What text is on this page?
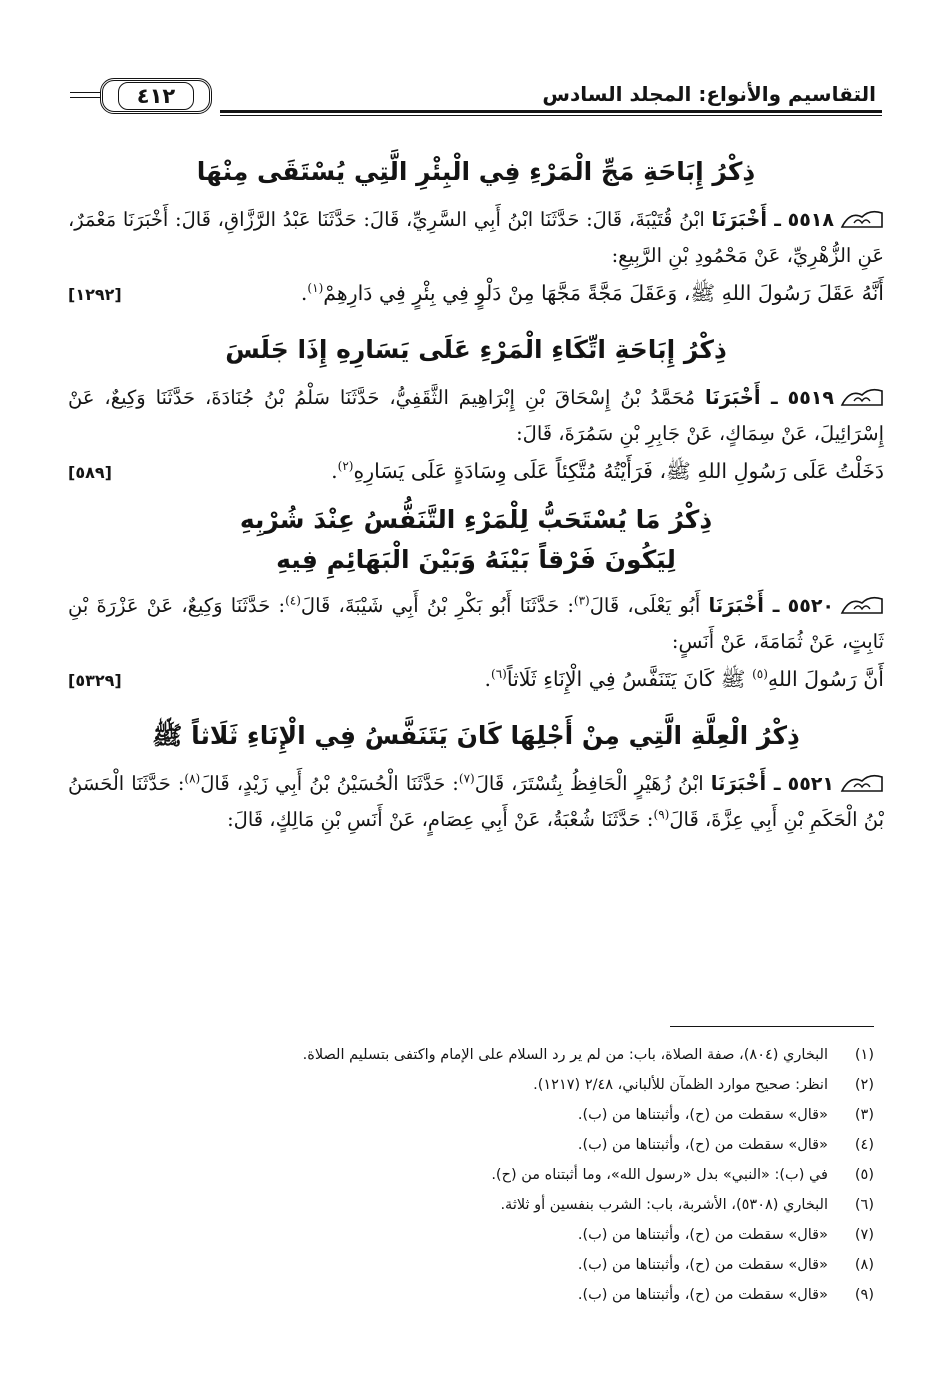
التقاسيم والأنواع: المجلد السادس
٤١٢
ذِكْرُ إِبَاحَةِ مَجِّ الْمَرْءِ فِي الْبِئْرِ الَّتِي يُسْتَقَى مِنْهَا

٥٥١٨ ـ أَخْبَرَنَا ابْنُ قُتَيْبَةَ، قَالَ: حَدَّثَنَا ابْنُ أَبِي السَّرِيِّ، قَالَ: حَدَّثَنَا عَبْدُ الرَّزَّاقِ، قَالَ: أَخْبَرَنَا مَعْمَرٌ، عَنِ الزُّهْرِيِّ، عَنْ مَحْمُودِ بْنِ الرَّبِيعِ:

أَنَّهُ عَقَلَ رَسُولَ اللهِ ﷺ، وَعَقَلَ مَجَّةً مَجَّهَا مِنْ دَلْوٍ فِي بِئْرٍ فِي دَارِهِمْ$^{(١)}$.
[١٢٩٢]
ذِكْرُ إِبَاحَةِ اتِّكَاءِ الْمَرْءِ عَلَى يَسَارِهِ إِذَا جَلَسَ

٥٥١٩ ـ أَخْبَرَنَا مُحَمَّدُ بْنُ إِسْحَاقَ بْنِ إِبْرَاهِيمَ الثَّقَفِيُّ، حَدَّثَنَا سَلْمُ بْنُ جُنَادَةَ، حَدَّثَنَا وَكِيعٌ، عَنْ إِسْرَائِيلَ، عَنْ سِمَاكٍ، عَنْ جَابِرِ بْنِ سَمُرَةَ، قَالَ:

دَخَلْتُ عَلَى رَسُولِ اللهِ ﷺ، فَرَأَيْتُهُ مُتَّكِئاً عَلَى وِسَادَةٍ عَلَى يَسَارِهِ$^{(٢)}$.
[٥٨٩]
ذِكْرُ مَا يُسْتَحَبُّ لِلْمَرْءِ التَّنَفُّسُ عِنْدَ شُرْبِهِ
لِيَكُونَ فَرْقاً بَيْنَهُ وَبَيْنَ الْبَهَائِمِ فِيهِ

٥٥٢٠ ـ أَخْبَرَنَا أَبُو يَعْلَى، قَالَ$^{(٣)}$: حَدَّثَنَا أَبُو بَكْرِ بْنُ أَبِي شَيْبَةَ، قَالَ$^{(٤)}$: حَدَّثَنَا وَكِيعٌ، عَنْ عَزْرَةَ بْنِ ثَابِتٍ، عَنْ ثُمَامَةَ، عَنْ أَنَسٍ:

أَنَّ رَسُولَ اللهِ$^{(٥)}$ ﷺ كَانَ يَتَنَفَّسُ فِي الْإِنَاءِ ثَلَاثاً$^{(٦)}$.
[٥٣٢٩]
ذِكْرُ الْعِلَّةِ الَّتِي مِنْ أَجْلِهَا كَانَ يَتَنَفَّسُ فِي الْإِنَاءِ ثَلَاثاً ﷺ

٥٥٢١ ـ أَخْبَرَنَا ابْنُ زُهَيْرٍ الْحَافِظُ بِتُسْتَرَ، قَالَ$^{(٧)}$: حَدَّثَنَا الْحُسَيْنُ بْنُ أَبِي زَيْدٍ، قَالَ$^{(٨)}$: حَدَّثَنَا الْحَسَنُ بْنُ الْحَكَمِ بْنِ أَبِي عِزَّةَ، قَالَ$^{(٩)}$: حَدَّثَنَا شُعْبَةُ، عَنْ أَبِي عِصَامٍ، عَنْ أَنَسِ بْنِ مَالِكٍ، قَالَ:

(١)
البخاري (٨٠٤)، صفة الصلاة، باب: من لم ير رد السلام على الإمام واكتفى بتسليم الصلاة.
(٢)
انظر: صحيح موارد الظمآن للألباني، ٢/٤٨ (١٢١٧).
(٣)
«قال» سقطت من (ح)، وأثبتناها من (ب).
(٤)
«قال» سقطت من (ح)، وأثبتناها من (ب).
(٥)
في (ب): «النبي» بدل «رسول الله»، وما أثبتناه من (ح).
(٦)
البخاري (٥٣٠٨)، الأشربة، باب: الشرب بنفسين أو ثلاثة.
(٧)
«قال» سقطت من (ح)، وأثبتناها من (ب).
(٨)
«قال» سقطت من (ح)، وأثبتناها من (ب).
(٩)
«قال» سقطت من (ح)، وأثبتناها من (ب).
